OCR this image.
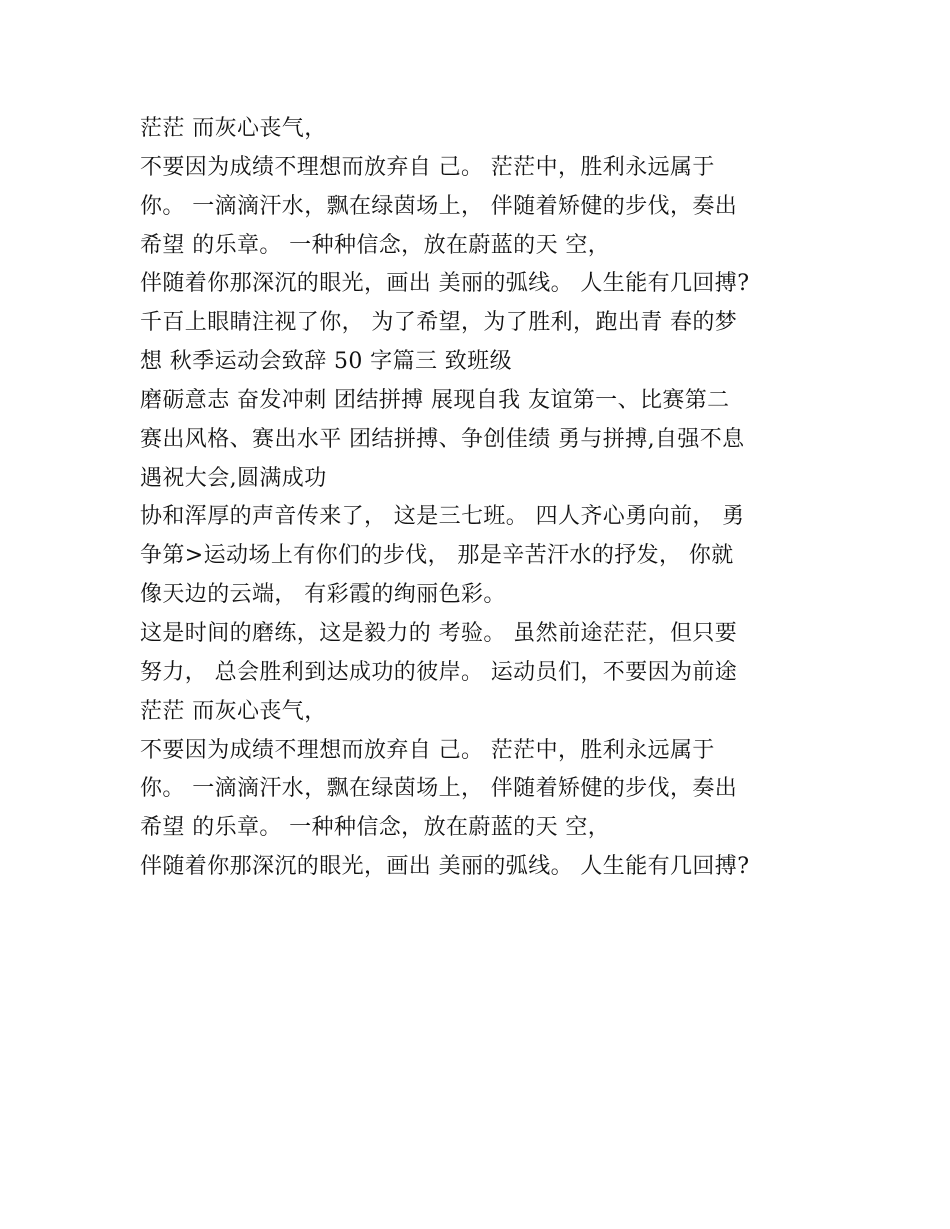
茫茫 而灰心丧气，
不要因为成绩不理想而放弃自 己。 茫茫中，胜利永远属于
你。 一滴滴汗水，飘在绿茵场上， 伴随着矫健的步伐，奏出
希望 的乐章。 一种种信念，放在蔚蓝的天 空，
伴随着你那深沉的眼光，画出 美丽的弧线。 人生能有几回搏?
千百上眼睛注视了你， 为了希望，为了胜利，跑出青 春的梦
想 秋季运动会致辞 50 字篇三 致班级
磨砺意志 奋发冲刺 团结拼搏 展现自我 友谊第一、比赛第二
赛出风格、赛出水平 团结拼搏、争创佳绩 勇与拼搏,自强不息
遇祝大会,圆满成功
协和浑厚的声音传来了， 这是三七班。 四人齐心勇向前， 勇
争第>运动场上有你们的步伐， 那是辛苦汗水的抒发， 你就
像天边的云端， 有彩霞的绚丽色彩。
这是时间的磨练，这是毅力的 考验。 虽然前途茫茫，但只要
努力， 总会胜利到达成功的彼岸。 运动员们，不要因为前途
茫茫 而灰心丧气，
不要因为成绩不理想而放弃自 己。 茫茫中，胜利永远属于
你。 一滴滴汗水，飘在绿茵场上， 伴随着矫健的步伐，奏出
希望 的乐章。 一种种信念，放在蔚蓝的天 空，
伴随着你那深沉的眼光，画出 美丽的弧线。 人生能有几回搏?
